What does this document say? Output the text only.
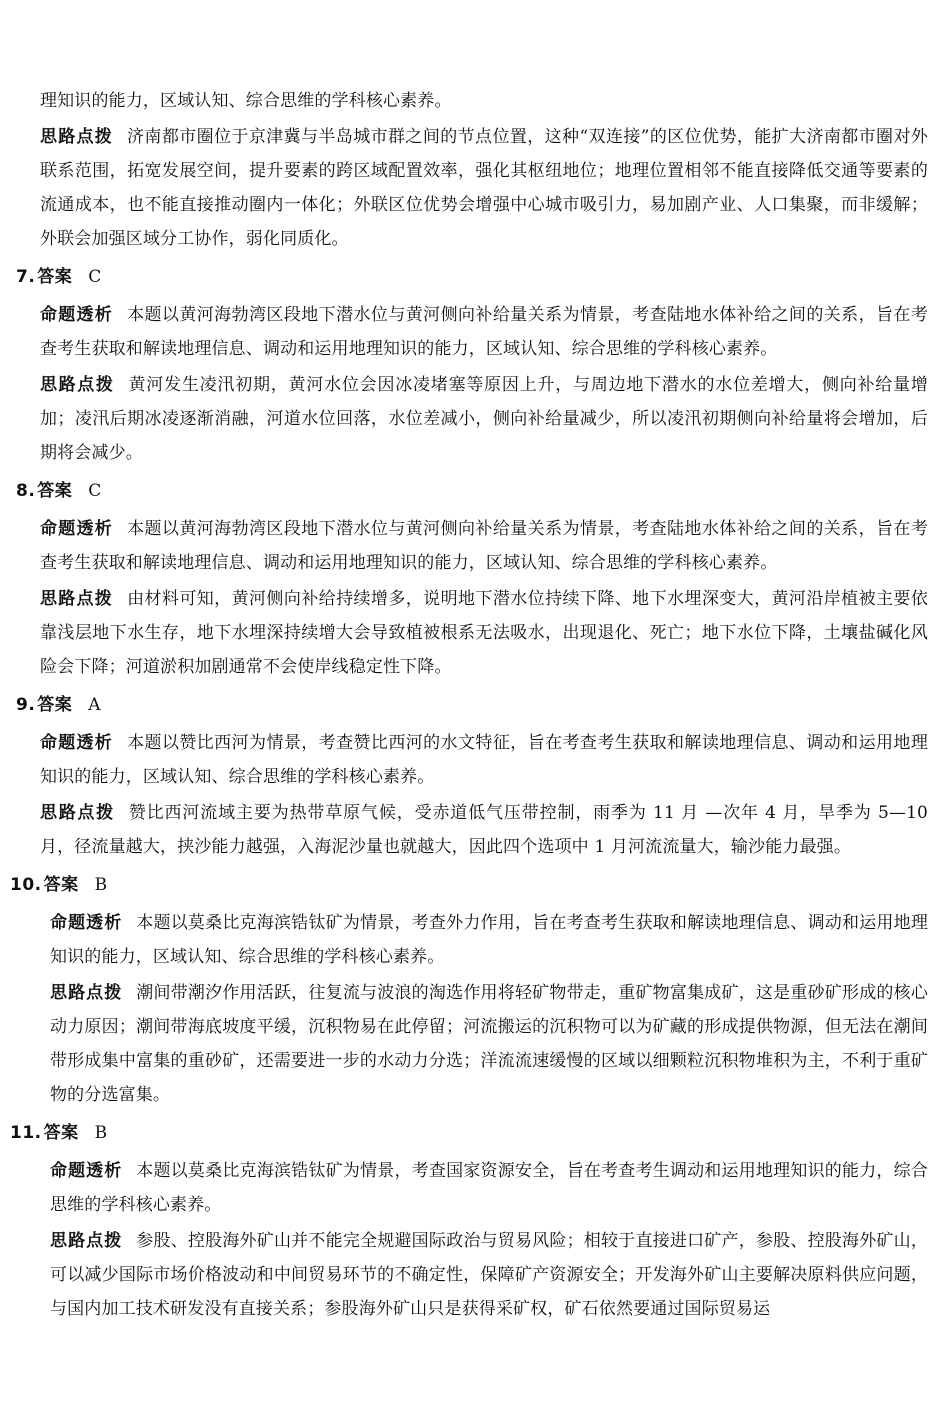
理知识的能力，区域认知、综合思维的学科核心素养。

思路点拨 济南都市圈位于京津冀与半岛城市群之间的节点位置，这种“双连接”的区位优势，能扩大济南都市圈对外联系范围，拓宽发展空间，提升要素的跨区域配置效率，强化其枢纽地位；地理位置相邻不能直接降低交通等要素的流通成本，也不能直接推动圈内一体化；外联区位优势会增强中心城市吸引力，易加剧产业、人口集聚，而非缓解；外联会加强区域分工协作，弱化同质化。

7. 答案 C

命题透析 本题以黄河海勃湾区段地下潜水位与黄河侧向补给量关系为情景，考查陆地水体补给之间的关系，旨在考查考生获取和解读地理信息、调动和运用地理知识的能力，区域认知、综合思维的学科核心素养。

思路点拨 黄河发生凌汛初期，黄河水位会因冰凌堵塞等原因上升，与周边地下潜水的水位差增大，侧向补给量增加；凌汛后期冰凌逐渐消融，河道水位回落，水位差减小，侧向补给量减少，所以凌汛初期侧向补给量将会增加，后期将会减少。

8. 答案 C

命题透析 本题以黄河海勃湾区段地下潜水位与黄河侧向补给量关系为情景，考查陆地水体补给之间的关系，旨在考查考生获取和解读地理信息、调动和运用地理知识的能力，区域认知、综合思维的学科核心素养。

思路点拨 由材料可知，黄河侧向补给持续增多，说明地下潜水位持续下降、地下水埋深变大，黄河沿岸植被主要依靠浅层地下水生存，地下水埋深持续增大会导致植被根系无法吸水，出现退化、死亡；地下水位下降，土壤盐碱化风险会下降；河道淤积加剧通常不会使岸线稳定性下降。

9. 答案 A

命题透析 本题以赞比西河为情景，考查赞比西河的水文特征，旨在考查考生获取和解读地理信息、调动和运用地理知识的能力，区域认知、综合思维的学科核心素养。

思路点拨 赞比西河流域主要为热带草原气候，受赤道低气压带控制，雨季为 11 月 —次年 4 月，旱季为 5—10 月，径流量越大，挟沙能力越强，入海泥沙量也就越大，因此四个选项中 1 月河流流量大，输沙能力最强。

10. 答案 B

命题透析 本题以莫桑比克海滨锆钛矿为情景，考查外力作用，旨在考查考生获取和解读地理信息、调动和运用地理知识的能力，区域认知、综合思维的学科核心素养。

思路点拨 潮间带潮汐作用活跃，往复流与波浪的淘选作用将轻矿物带走，重矿物富集成矿，这是重砂矿形成的核心动力原因；潮间带海底坡度平缓，沉积物易在此停留；河流搬运的沉积物可以为矿藏的形成提供物源，但无法在潮间带形成集中富集的重砂矿，还需要进一步的水动力分选；洋流流速缓慢的区域以细颗粒沉积物堆积为主，不利于重矿物的分选富集。

11. 答案 B

命题透析 本题以莫桑比克海滨锆钛矿为情景，考查国家资源安全，旨在考查考生调动和运用地理知识的能力，综合思维的学科核心素养。

思路点拨 参股、控股海外矿山并不能完全规避国际政治与贸易风险；相较于直接进口矿产，参股、控股海外矿山，可以减少国际市场价格波动和中间贸易环节的不确定性，保障矿产资源安全；开发海外矿山主要解决原料供应问题，与国内加工技术研发没有直接关系；参股海外矿山只是获得采矿权，矿石依然要通过国际贸易运
